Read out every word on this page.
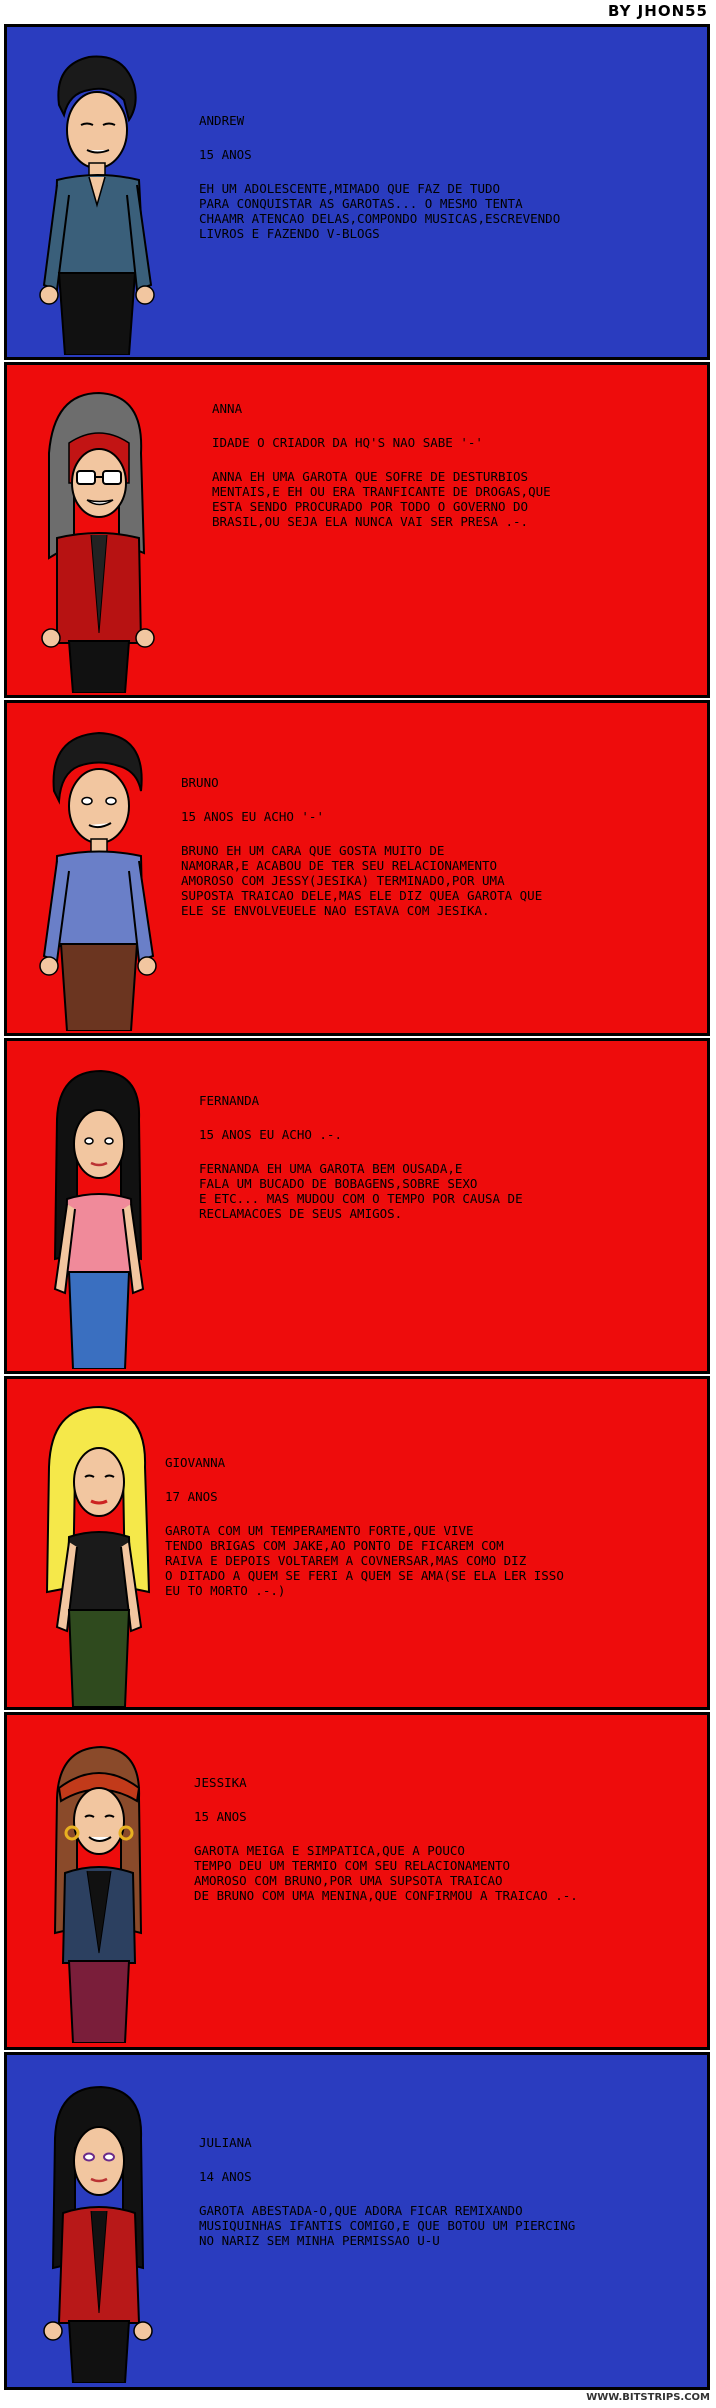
BY JHON55

ANDREW

15 ANOS

EH UM ADOLESCENTE,MIMADO QUE FAZ DE TUDO
PARA CONQUISTAR AS GAROTAS... O MESMO TENTA
CHAAMR ATENCAO DELAS,COMPONDO MUSICAS,ESCREVENDO
LIVROS E FAZENDO V-BLOGS

ANNA

IDADE O CRIADOR DA HQ'S NAO SABE '-'

ANNA EH UMA GAROTA QUE SOFRE DE DESTURBIOS
MENTAIS,E EH OU ERA TRANFICANTE DE DROGAS,QUE
ESTA SENDO PROCURADO POR TODO O GOVERNO DO
BRASIL,OU SEJA ELA NUNCA VAI SER PRESA .-.

BRUNO

15 ANOS EU ACHO '-'

BRUNO EH UM CARA QUE GOSTA MUITO DE
NAMORAR,E ACABOU DE TER SEU RELACIONAMENTO
AMOROSO COM JESSY(JESIKA) TERMINADO,POR UMA
SUPOSTA TRAICAO DELE,MAS ELE DIZ QUEA GAROTA QUE
ELE SE ENVOLVEUELE NAO ESTAVA COM JESIKA.

FERNANDA

15 ANOS EU ACHO .-.

FERNANDA EH UMA GAROTA BEM OUSADA,E
FALA UM BUCADO DE BOBAGENS,SOBRE SEXO
E ETC... MAS MUDOU COM O TEMPO POR CAUSA DE
RECLAMACOES DE SEUS AMIGOS.

GIOVANNA

17 ANOS

GAROTA COM UM TEMPERAMENTO FORTE,QUE VIVE
TENDO BRIGAS COM JAKE,AO PONTO DE FICAREM COM
RAIVA E DEPOIS VOLTAREM A COVNERSAR,MAS COMO DIZ
O DITADO A QUEM SE FERI A QUEM SE AMA(SE ELA LER ISSO
EU TO MORTO .-.)

JESSIKA

15 ANOS

GAROTA MEIGA E SIMPATICA,QUE A POUCO
TEMPO DEU UM TERMIO COM SEU RELACIONAMENTO
AMOROSO COM BRUNO,POR UMA SUPSOTA TRAICAO
DE BRUNO COM UMA MENINA,QUE CONFIRMOU A TRAICAO .-.

JULIANA

14 ANOS

GAROTA ABESTADA-O,QUE ADORA FICAR REMIXANDO
MUSIQUINHAS IFANTIS COMIGO,E QUE BOTOU UM PIERCING
NO NARIZ SEM MINHA PERMISSAO U-U

WWW.BITSTRIPS.COM
